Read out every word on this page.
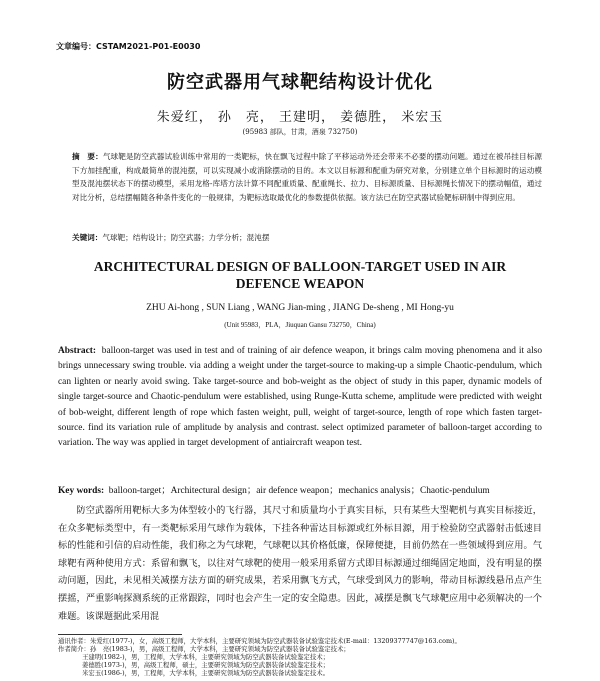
文章编号：CSTAM2021-P01-E0030
防空武器用气球靶结构设计优化
朱爱红， 孙　亮， 王建明， 姜德胜， 米宏玉
(95983 部队，甘肃，酒泉 732750)
摘　要：气球靶是防空武器试验训练中常用的一类靶标，快在飘飞过程中除了平移运动外还会带来不必要的摆动问题。通过在被吊挂目标源下方加挂配重，构成最简单的混沌摆，可以实现减小或消除摆动的目的。本文以目标源和配重为研究对象，分别建立单个目标源时的运动模型及混沌摆状态下的摆动模型，采用龙格-库塔方法计算不同配重质量、配重绳长、拉力、目标源质量、目标源绳长情况下的摆动幅值，通过对比分析，总结摆幅随各种条件变化的一般规律，为靶标选取最优化的参数提供依据。该方法已在防空武器试验靶标研制中得到应用。
关键词：气球靶；结构设计；防空武器；力学分析；混沌摆
ARCHITECTURAL DESIGN OF BALLOON-TARGET USED IN AIR
DEFENCE WEAPON
ZHU Ai-hong , SUN Liang , WANG Jian-ming , JIANG De-sheng , MI Hong-yu
(Unit 95983，PLA，Jiuquan Gansu 732750，China)
Abstract: balloon-target was used in test and of training of air defence weapon, it brings calm moving phenomena and it also brings unnecessary swing trouble. via adding a weight under the target-source to making-up a simple Chaotic-pendulum, which can lighten or nearly avoid swing. Take target-source and bob-weight as the object of study in this paper, dynamic models of single target-source and Chaotic-pendulum were established, using Runge-Kutta scheme, amplitude were predicted with weight of bob-weight, different length of rope which fasten weight, pull, weight of target-source, length of rope which fasten target-source. find its variation rule of amplitude by analysis and contrast. select optimized parameter of balloon-target according to variation. The way was applied in target development of antiaircraft weapon test.
Key words: balloon-target；Architectural design；air defence weapon；mechanics analysis；Chaotic-pendulum
防空武器所用靶标大多为体型较小的飞行器，其尺寸和质量均小于真实目标，只有某些大型靶机与真实目标接近，在众多靶标类型中，有一类靶标采用气球作为载体，下挂各种雷达目标源或红外标目源，用于检验防空武器射击低速目标的性能和引信的启动性能，我们称之为气球靶，气球靶以其价格低廉，保障便捷，目前仍然在一些领域得到应用。气球靶有两种使用方式：系留和飘飞，以往对气球靶的使用一般采用系留方式即目标源通过细绳固定地面，没有明显的摆动问题，因此，未见相关减摆方法方面的研究成果，若采用飘飞方式，气球受到风力的影响，带动目标源线悬吊点产生摆摇，严重影响探测系统的正常跟踪，同时也会产生一定的安全隐患。因此，减摆是飘飞气球靶应用中必须解决的一个难题。该课题据此采用混
通讯作者：朱爱红(1977-)，女，高级工程师，大学本科，主要研究领域为防空武器装备试验鉴定技术(E-mail：13209377747@163.com)。
作者简介：孙　亮(1983-)，男，高级工程师，大学本科，主要研究领域为防空武器装备试验鉴定技术；
王建明(1982-)，男，工程师，大学本科，主要研究领域为防空武器装备试验鉴定技术；
姜德胜(1973-)，男，高级工程师，硕士，主要研究领域为防空武器装备试验鉴定技术；
米宏玉(1986-)，男，工程师，大学本科，主要研究领域为防空武器装备试验鉴定技术。
